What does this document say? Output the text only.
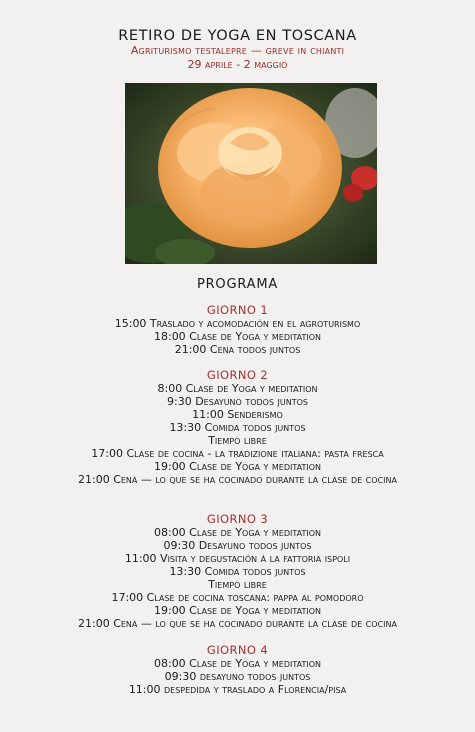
RETIRO DE YOGA EN TOSCANA
Agriturismo testalepre — greve in chianti
29 aprile - 2 maggio
PROGRAMA
GIORNO 1
15:00 Traslado y acomodación en el agroturismo
18:00 Clase de Yoga y meditation
21:00 Cena todos juntos
GIORNO 2
8:00 Clase de Yoga y meditation
9:30 Desayuno todos juntos
11:00 Senderismo
13:30 Comida todos juntos
Tiempo libre
17:00 Clase de cocina - la tradizione italiana: pasta fresca
19:00 Clase de Yoga y meditation
21:00 Cena — lo que se ha cocinado durante la clase de cocina
GIORNO 3
08:00 Clase de Yoga y meditation
09:30 Desayuno todos juntos
11:00 Visita y degustación à la fattoria ispoli
13:30 Comida todos juntos
Tiempo libre
17:00 Clase de cocina toscana: pappa al pomodoro
19:00 Clase de Yoga y meditation
21:00 Cena — lo que se ha cocinado durante la clase de cocina
GIORNO 4
08:00 Clase de Yoga y meditation
09:30 desayuno todos juntos
11:00 despedida y traslado a Florencia/pisa
